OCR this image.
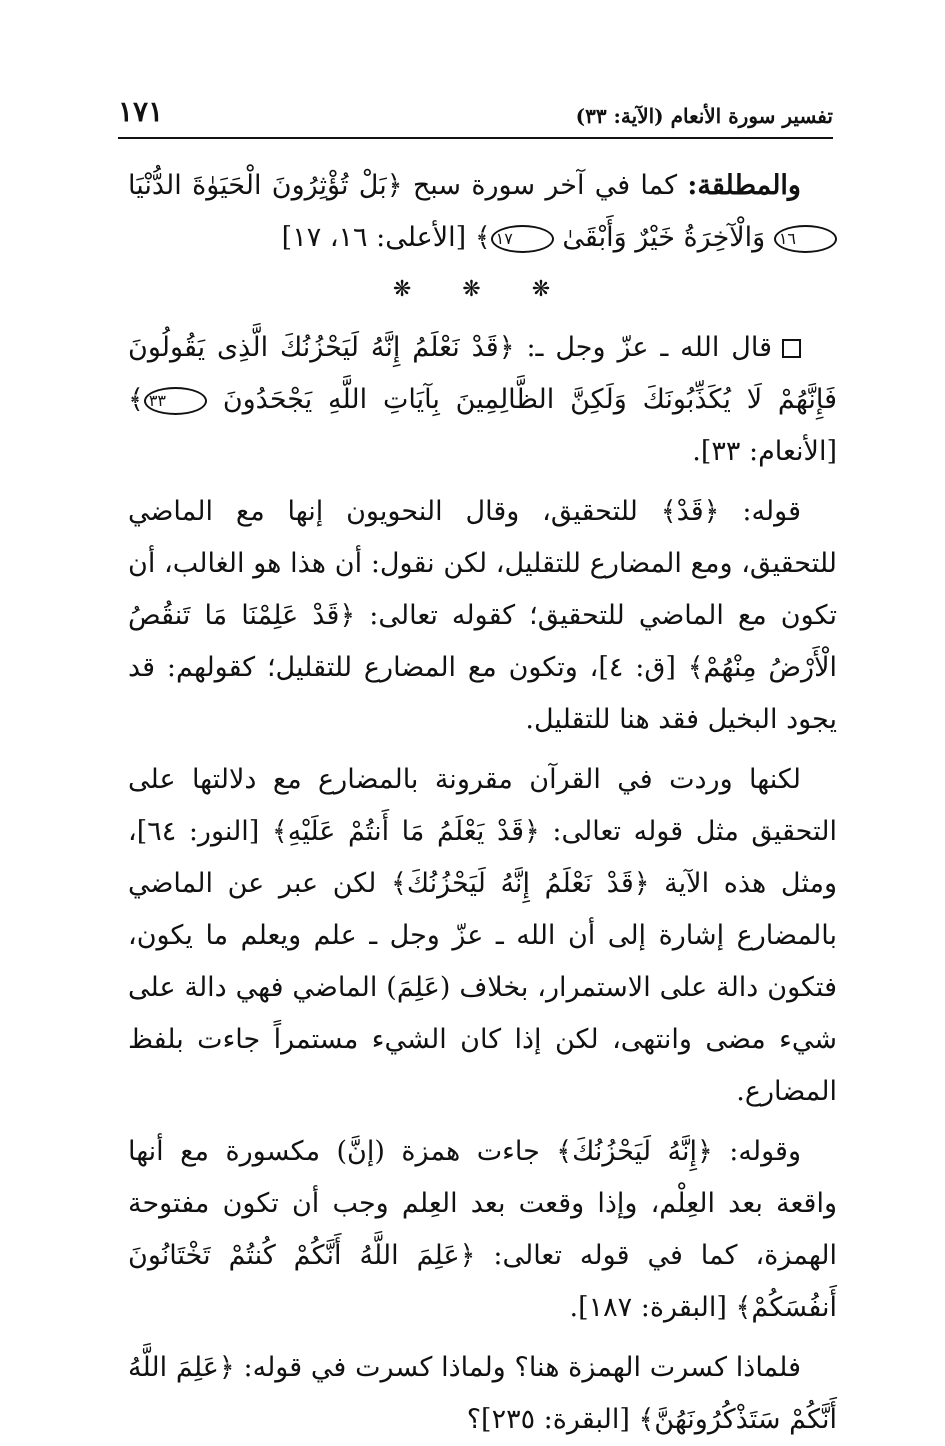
تفسير سورة الأنعام (الآية: ٣٣)
١٧١

والمطلقة: كما في آخر سورة سبح ﴿بَلْ تُؤْثِرُونَ الْحَيَوٰةَ الدُّنْيَا ١٦ وَالْآخِرَةُ خَيْرٌ وَأَبْقَىٰ ١٧﴾ [الأعلى: ١٦، ١٧]

❋ ❋ ❋

قال الله ـ عزّ وجل ـ: ﴿قَدْ نَعْلَمُ إِنَّهُ لَيَحْزُنُكَ الَّذِى يَقُولُونَ فَإِنَّهُمْ لَا يُكَذِّبُونَكَ وَلَكِنَّ الظَّالِمِينَ بِآيَاتِ اللَّهِ يَجْحَدُونَ ٣٣﴾ [الأنعام: ٣٣].

قوله: ﴿قَدْ﴾ للتحقيق، وقال النحويون إنها مع الماضي للتحقيق، ومع المضارع للتقليل، لكن نقول: أن هذا هو الغالب، أن تكون مع الماضي للتحقيق؛ كقوله تعالى: ﴿قَدْ عَلِمْنَا مَا تَنقُصُ الْأَرْضُ مِنْهُمْ﴾ [ق: ٤]، وتكون مع المضارع للتقليل؛ كقولهم: قد يجود البخيل فقد هنا للتقليل.

لكنها وردت في القرآن مقرونة بالمضارع مع دلالتها على التحقيق مثل قوله تعالى: ﴿قَدْ يَعْلَمُ مَا أَنتُمْ عَلَيْهِ﴾ [النور: ٦٤]، ومثل هذه الآية ﴿قَدْ نَعْلَمُ إِنَّهُ لَيَحْزُنُكَ﴾ لكن عبر عن الماضي بالمضارع إشارة إلى أن الله ـ عزّ وجل ـ علم ويعلم ما يكون، فتكون دالة على الاستمرار، بخلاف (عَلِمَ) الماضي فهي دالة على شيء مضى وانتهى، لكن إذا كان الشيء مستمراً جاءت بلفظ المضارع.

وقوله: ﴿إِنَّهُ لَيَحْزُنُكَ﴾ جاءت همزة (إنَّ) مكسورة مع أنها واقعة بعد العِلْم، وإذا وقعت بعد العِلم وجب أن تكون مفتوحة الهمزة، كما في قوله تعالى: ﴿عَلِمَ اللَّهُ أَنَّكُمْ كُنتُمْ تَخْتَانُونَ أَنفُسَكُمْ﴾ [البقرة: ١٨٧].

فلماذا كسرت الهمزة هنا؟ ولماذا كسرت في قوله: ﴿عَلِمَ اللَّهُ أَنَّكُمْ سَتَذْكُرُونَهُنَّ﴾ [البقرة: ٢٣٥]؟
